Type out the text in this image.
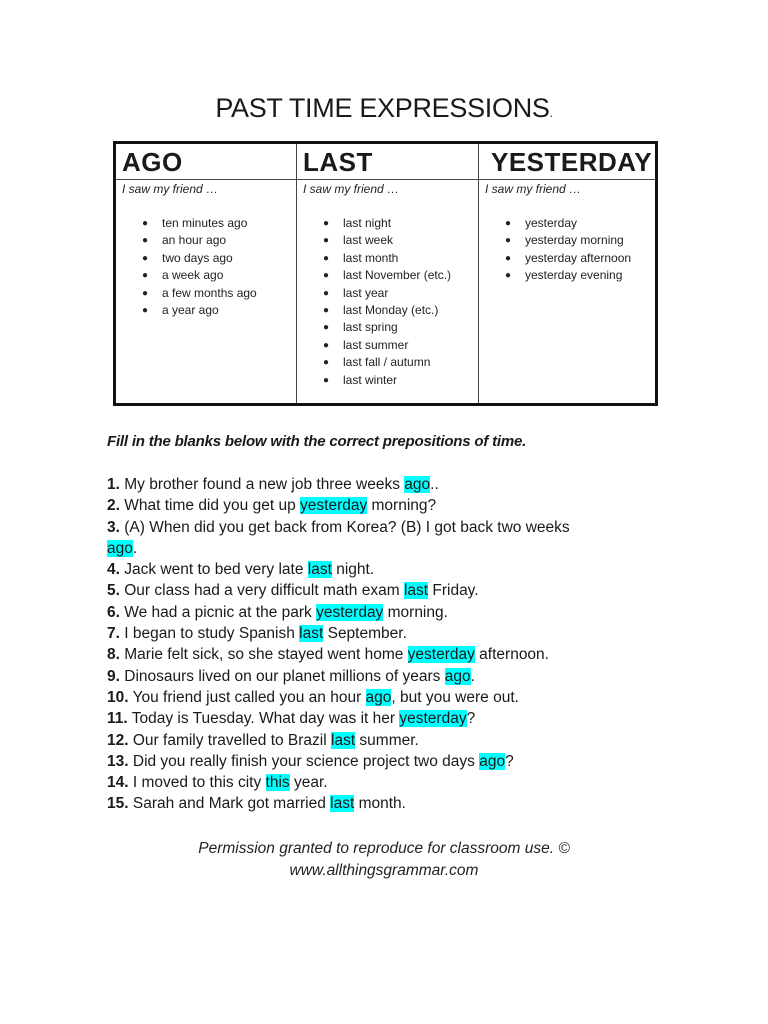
PAST TIME EXPRESSIONS.
AGO
I saw my friend …
● ten minutes ago
● an hour ago
● two days ago
● a week ago
● a few months ago
● a year ago
LAST
I saw my friend …
● last night
● last week
● last month
● last November (etc.)
● last year
● last Monday (etc.)
● last spring
● last summer
● last fall / autumn
● last winter
YESTERDAY
I saw my friend …
● yesterday
● yesterday morning
● yesterday afternoon
● yesterday evening
Fill in the blanks below with the correct prepositions of time.
1. My brother found a new job three weeks ago..
2. What time did you get up yesterday morning?
3. (A) When did you get back from Korea? (B) I got back two weeks
ago.
4. Jack went to bed very late last night.
5. Our class had a very difficult math exam last Friday.
6. We had a picnic at the park yesterday morning.
7. I began to study Spanish last September.
8. Marie felt sick, so she stayed went home yesterday afternoon.
9. Dinosaurs lived on our planet millions of years ago.
10. You friend just called you an hour ago, but you were out.
11. Today is Tuesday. What day was it her yesterday?
12. Our family travelled to Brazil last summer.
13. Did you really finish your science project two days ago?
14. I moved to this city this year.
15. Sarah and Mark got married last month.
Permission granted to reproduce for classroom use. ©
www.allthingsgrammar.com
